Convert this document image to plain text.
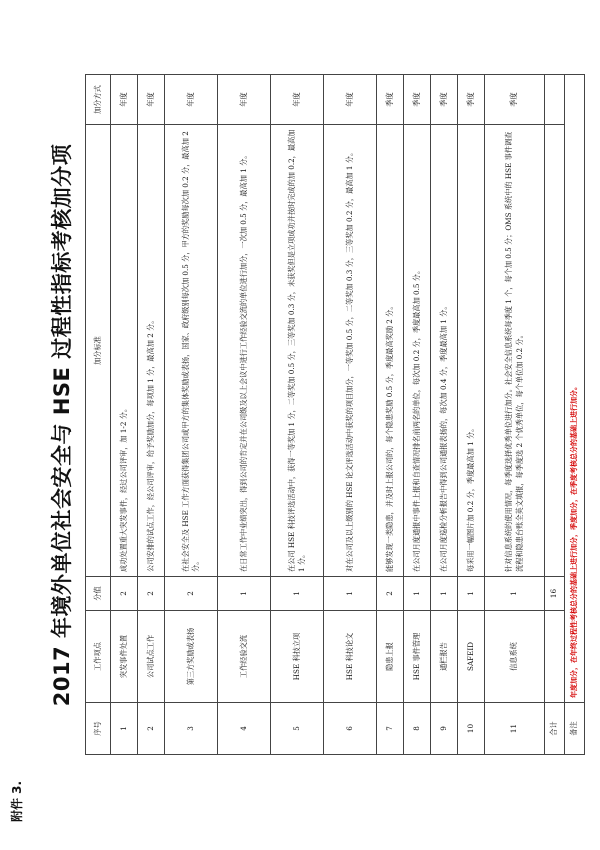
附件 3.
2017 年境外单位社会安全与 HSE 过程性指标考核加分项
序号	工作项点	分值	加分标准	加分方式
1	突发事件处置	2	成功处置重大突发事件，经过公司评审，加 1-2 分。	年度
2	公司试点工作	2	公司安排的试点工作，经公司评审，给予奖励加分，每项加 1 分，最高加 2 分。	年度
3	第三方奖励或表扬	2	在社会安全及 HSE 工作方面获得集团公司或甲方的集体奖励或表扬，国家、政府级别每次加 0.5 分，甲方的奖励每次加 0.2 分，最高加 2 分。	年度
4	工作经验交流	1	在日常工作中业绩突出，得到公司的肯定并在公司级及以上会议中进行工作经验交流的单位进行加分，一次加 0.5 分，最高加 1 分。	年度
5	HSE 科技立项	1	在公司 HSE 科技评选活动中，获得一等奖加 1 分，二等奖加 0.5 分，三等奖加 0.3 分，未获奖但是立项成功并按时完成的加 0.2，最高加 1 分。	年度
6	HSE 科技论文	1	对在公司及以上级别的 HSE 论文评选活动中获奖的项目加分，一等奖加 0.5 分，二等奖加 0.3 分，三等奖加 0.2 分，最高加 1 分。	年度
7	隐患上报	2	能够发现一类隐患，并及时上报公司的，每个隐患奖励 0.5 分，季度最高奖励 2 分。	季度
8	HSE 事件管理	1	在公司月度通报中事件上报和自查情况排名前两名的单位，每次加 0.2 分，季度最高加 0.5 分。	季度
9	通栏报告	1	在公司月度巡检分析报告中得到公司通报表扬的，每次加 0.4 分，季度最高加 1 分。	季度
10	SAFEID	1	每采用一幅图片加 0.2 分，季度最高加 1 分。	季度
11	信息系统	1	针对信息系统的使用情况，每季度选择优秀单位进行加分。社会安全信息系统每季度 1 个，每个加 0.5 分；OMS 系统中的 HSE 事件调查流程和隐患台账全英文填报，每季度选 2 个优秀单位，每个单位加 0.2 分。	季度
合计		16		
备注	年度加分，在年终过程性考核总分的基础上进行加分，季度加分，在季度考核总分的基础上进行加分。			
